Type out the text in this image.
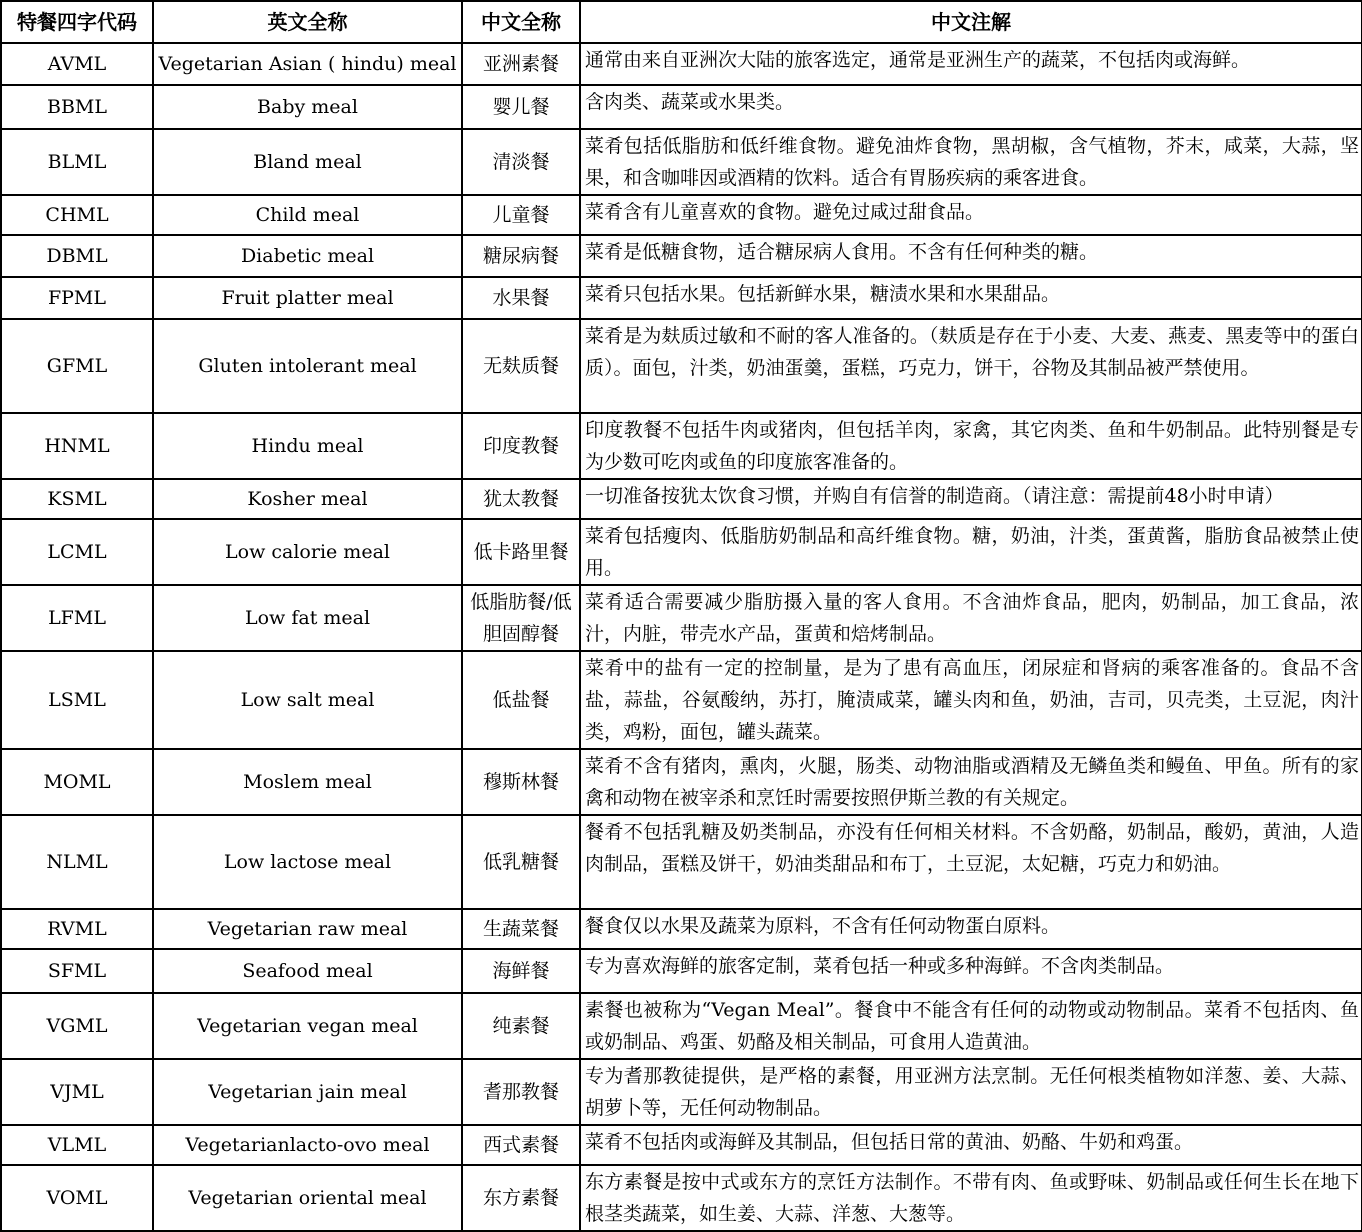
特餐四字代码	英文全称	中文全称	中文注解
AVML	Vegetarian Asian ( hindu) meal	亚洲素餐	通常由来自亚洲次大陆的旅客选定，通常是亚洲生产的蔬菜，不包括肉或海鲜。
BBML	Baby meal	婴儿餐	含肉类、蔬菜或水果类。
BLML	Bland meal	清淡餐	菜肴包括低脂肪和低纤维食物。避免油炸食物，黑胡椒，含气植物，芥末，咸菜，大蒜，坚果，和含咖啡因或酒精的饮料。适合有胃肠疾病的乘客进食。
CHML	Child meal	儿童餐	菜肴含有儿童喜欢的食物。避免过咸过甜食品。
DBML	Diabetic meal	糖尿病餐	菜肴是低糖食物，适合糖尿病人食用。不含有任何种类的糖。
FPML	Fruit platter meal	水果餐	菜肴只包括水果。包括新鲜水果，糖渍水果和水果甜品。
GFML	Gluten intolerant meal	无麸质餐	菜肴是为麸质过敏和不耐的客人准备的。（麸质是存在于小麦、大麦、燕麦、黑麦等中的蛋白质）。面包，汁类，奶油蛋羹，蛋糕，巧克力，饼干，谷物及其制品被严禁使用。
HNML	Hindu meal	印度教餐	印度教餐不包括牛肉或猪肉，但包括羊肉，家禽，其它肉类、鱼和牛奶制品。此特别餐是专为少数可吃肉或鱼的印度旅客准备的。
KSML	Kosher meal	犹太教餐	一切准备按犹太饮食习惯，并购自有信誉的制造商。（请注意：需提前48小时申请）
LCML	Low calorie meal	低卡路里餐	菜肴包括瘦肉、低脂肪奶制品和高纤维食物。糖，奶油，汁类，蛋黄酱，脂肪食品被禁止使用。
LFML	Low fat meal	低脂肪餐/低胆固醇餐	菜肴适合需要减少脂肪摄入量的客人食用。不含油炸食品，肥肉，奶制品，加工食品，浓汁，内脏，带壳水产品，蛋黄和焙烤制品。
LSML	Low salt meal	低盐餐	菜肴中的盐有一定的控制量，是为了患有高血压，闭尿症和肾病的乘客准备的。食品不含盐，蒜盐，谷氨酸纳，苏打，腌渍咸菜，罐头肉和鱼，奶油，吉司，贝壳类，土豆泥，肉汁类，鸡粉，面包，罐头蔬菜。
MOML	Moslem meal	穆斯林餐	菜肴不含有猪肉，熏肉，火腿，肠类、动物油脂或酒精及无鳞鱼类和鳗鱼、甲鱼。所有的家禽和动物在被宰杀和烹饪时需要按照伊斯兰教的有关规定。
NLML	Low lactose meal	低乳糖餐	餐肴不包括乳糖及奶类制品，亦没有任何相关材料。不含奶酪，奶制品，酸奶，黄油，人造肉制品，蛋糕及饼干，奶油类甜品和布丁，土豆泥，太妃糖，巧克力和奶油。
RVML	Vegetarian raw meal	生蔬菜餐	餐食仅以水果及蔬菜为原料，不含有任何动物蛋白原料。
SFML	Seafood meal	海鲜餐	专为喜欢海鲜的旅客定制，菜肴包括一种或多种海鲜。不含肉类制品。
VGML	Vegetarian vegan meal	纯素餐	素餐也被称为“Vegan Meal”。餐食中不能含有任何的动物或动物制品。菜肴不包括肉、鱼或奶制品、鸡蛋、奶酪及相关制品，可食用人造黄油。
VJML	Vegetarian jain meal	耆那教餐	专为耆那教徒提供，是严格的素餐，用亚洲方法烹制。无任何根类植物如洋葱、姜、大蒜、胡萝卜等，无任何动物制品。
VLML	Vegetarianlacto-ovo meal	西式素餐	菜肴不包括肉或海鲜及其制品，但包括日常的黄油、奶酪、牛奶和鸡蛋。
VOML	Vegetarian oriental meal	东方素餐	东方素餐是按中式或东方的烹饪方法制作。不带有肉、鱼或野味、奶制品或任何生长在地下根茎类蔬菜，如生姜、大蒜、洋葱、大葱等。
